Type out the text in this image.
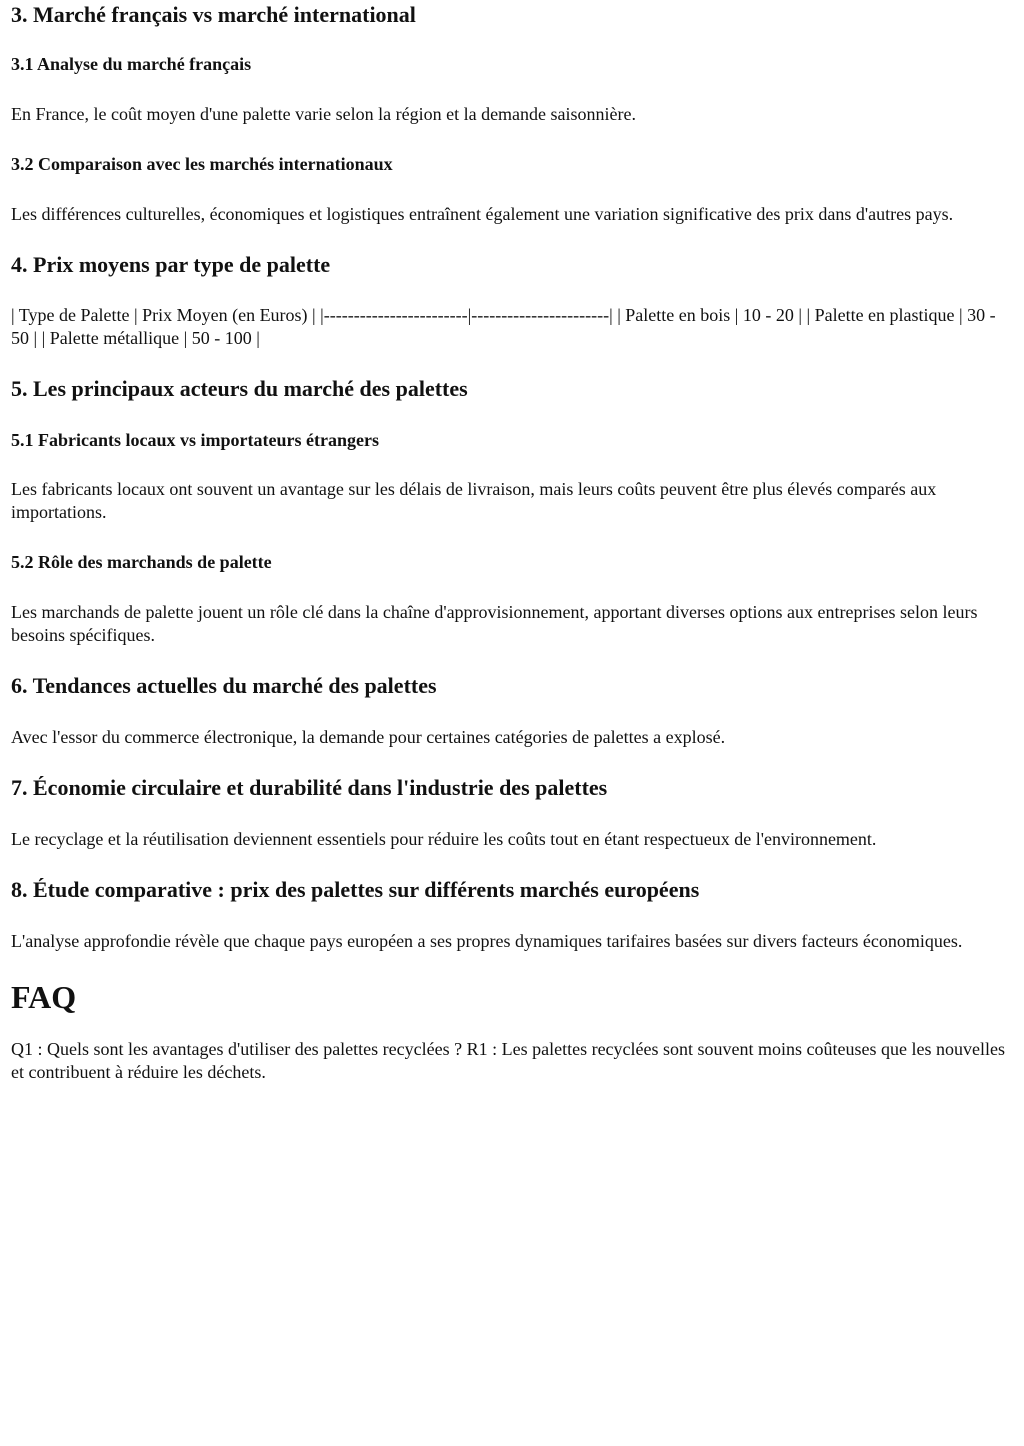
3. Marché français vs marché international
3.1 Analyse du marché français

En France, le coût moyen d'une palette varie selon la région et la demande saisonnière.

3.2 Comparaison avec les marchés internationaux

Les différences culturelles, économiques et logistiques entraînent également une variation significative des prix dans d'autres pays.

4. Prix moyens par type de palette

| Type de Palette | Prix Moyen (en Euros) | |------------------------|-----------------------| | Palette en bois | 10 - 20 | | Palette en plastique | 30 - 50 | | Palette métallique | 50 - 100 |

5. Les principaux acteurs du marché des palettes
5.1 Fabricants locaux vs importateurs étrangers

Les fabricants locaux ont souvent un avantage sur les délais de livraison, mais leurs coûts peuvent être plus élevés comparés aux importations.

5.2 Rôle des marchands de palette

Les marchands de palette jouent un rôle clé dans la chaîne d'approvisionnement, apportant diverses options aux entreprises selon leurs besoins spécifiques.

6. Tendances actuelles du marché des palettes

Avec l'essor du commerce électronique, la demande pour certaines catégories de palettes a explosé.

7. Économie circulaire et durabilité dans l'industrie des palettes

Le recyclage et la réutilisation deviennent essentiels pour réduire les coûts tout en étant respectueux de l'environnement.

8. Étude comparative : prix des palettes sur différents marchés européens

L'analyse approfondie révèle que chaque pays européen a ses propres dynamiques tarifaires basées sur divers facteurs économiques.

FAQ

Q1 : Quels sont les avantages d'utiliser des palettes recyclées ? R1 : Les palettes recyclées sont souvent moins coûteuses que les nouvelles et contribuent à réduire les déchets.
